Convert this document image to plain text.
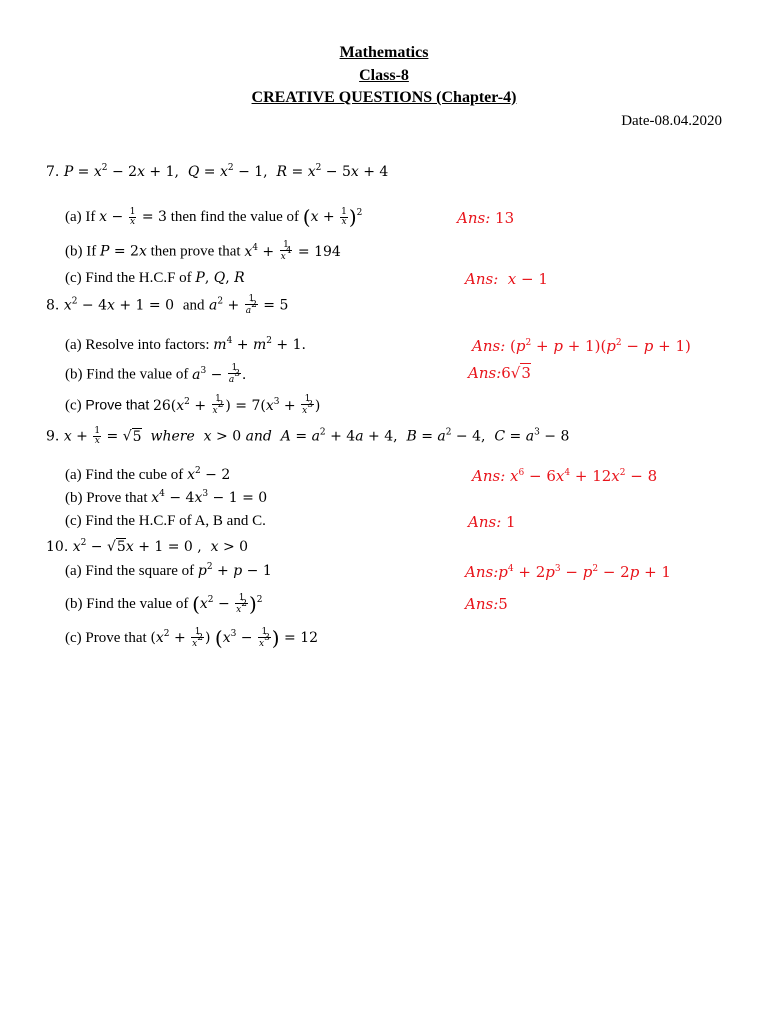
Mathematics
Class-8
CREATIVE QUESTIONS (Chapter-4)
Date-08.04.2020
7. $P = x^2 - 2x + 1$,  $Q = x^2 - 1$,  $R = x^2 - 5x + 4$
(a) If $x - \frac{1}{x} = 3$ then find the value of $(x + \frac{1}{x} )^2$	Ans: 13
(b) If P = 2x then prove that $x^4 + \frac{1}{x^4} = 194$
(c) Find the H.C.F of P, Q, R	Ans: x − 1
8. $x^2 - 4x + 1 = 0$  and $a^2 + \frac{1}{a^2} = 5$
(a) Resolve into factors: $m^4 + m^2 + 1$.	Ans: $(p^2 + p + 1)(p^2 - p + 1)$
(b) Find the value of $a^3 - \frac{1}{a^3}$ .	Ans:6√3
(c) Prove that $26(x^2 + \frac{1}{x^2}$ ) = $7(x^3 + \frac{1}{x^3}$ )
9. $x + \frac{1}{x} = √5$ where x > 0 and $A = a^2 + 4a + 4$,  $B = a^2 - 4$,  $C = a^3 - 8$
(a) Find the cube of $x^2 - 2$	Ans: $x^6 - 6x^4 + 12x^2 - 8$
(b) Prove that $x^4 - 4x^3 - 1 = 0$
(c) Find the H.C.F of A, B and C.	Ans: 1
10. $x^2 - √5x + 1 = 0$ ,  x > 0
(a) Find the square of $p^2 + p - 1$	$Ans:p^4 + 2p^3 - p^2 - 2p + 1$
(b) Find the value of $(x^2 - \frac{1}{x^2} )^2$	Ans:5
(c) Prove that ($x^2 + \frac{1}{x^2}$ ) ($x^3 - \frac{1}{x^3}$ ) = 12
